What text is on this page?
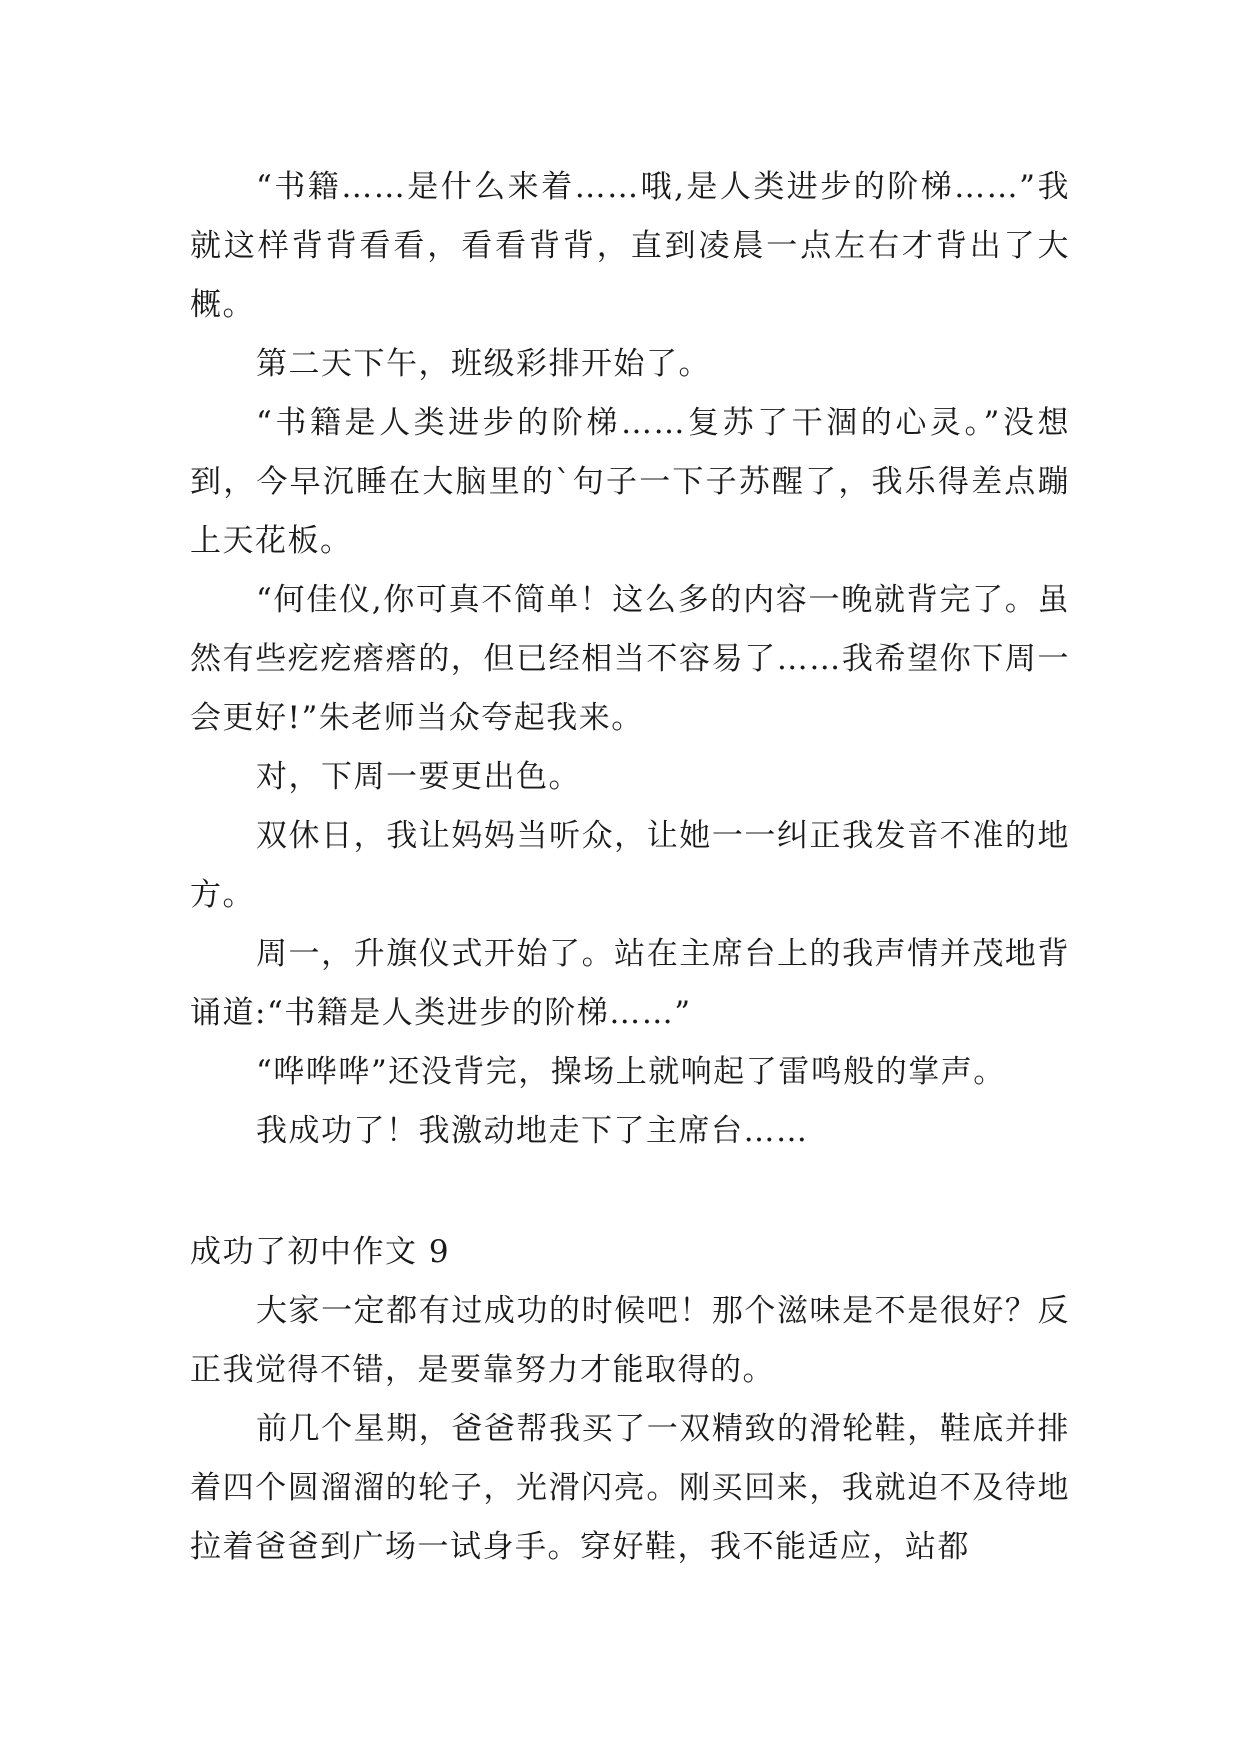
“书籍……是什么来着……哦,是人类进步的阶梯……”我就这样背背看看，看看背背，直到凌晨一点左右才背出了大概。

第二天下午，班级彩排开始了。

“书籍是人类进步的阶梯……复苏了干涸的心灵。”没想到，今早沉睡在大脑里的`句子一下子苏醒了，我乐得差点蹦上天花板。

“何佳仪,你可真不简单！这么多的内容一晚就背完了。虽然有些疙疙瘩瘩的，但已经相当不容易了……我希望你下周一会更好!”朱老师当众夸起我来。

对，下周一要更出色。

双休日，我让妈妈当听众，让她一一纠正我发音不准的地方。

周一，升旗仪式开始了。站在主席台上的我声情并茂地背诵道:“书籍是人类进步的阶梯……”

“哗哗哗”还没背完，操场上就响起了雷鸣般的掌声。

我成功了！我激动地走下了主席台……

成功了初中作文 9

大家一定都有过成功的时候吧！那个滋味是不是很好？反正我觉得不错，是要靠努力才能取得的。

前几个星期，爸爸帮我买了一双精致的滑轮鞋，鞋底并排着四个圆溜溜的轮子，光滑闪亮。刚买回来，我就迫不及待地拉着爸爸到广场一试身手。穿好鞋，我不能适应，站都
